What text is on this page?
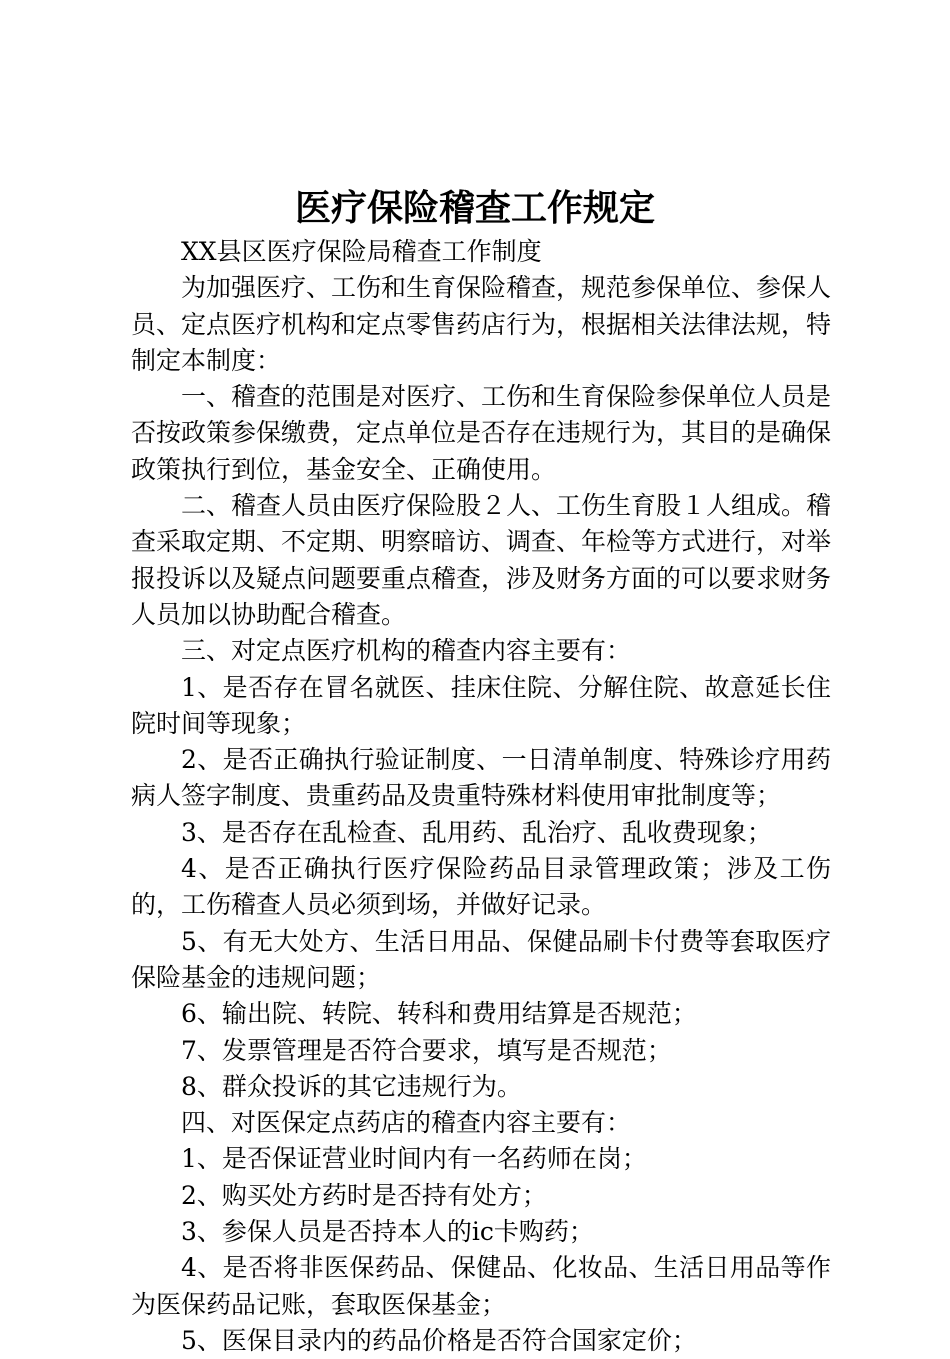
医疗保险稽查工作规定

XX县区医疗保险局稽查工作制度

为加强医疗、工伤和生育保险稽查，规范参保单位、参保人员、定点医疗机构和定点零售药店行为，根据相关法律法规，特制定本制度：

一、稽查的范围是对医疗、工伤和生育保险参保单位人员是否按政策参保缴费，定点单位是否存在违规行为，其目的是确保政策执行到位，基金安全、正确使用。

二、稽查人员由医疗保险股２人、工伤生育股１人组成。稽查采取定期、不定期、明察暗访、调查、年检等方式进行，对举报投诉以及疑点问题要重点稽查，涉及财务方面的可以要求财务人员加以协助配合稽查。

三、对定点医疗机构的稽查内容主要有：

1、是否存在冒名就医、挂床住院、分解住院、故意延长住院时间等现象；

2、是否正确执行验证制度、一日清单制度、特殊诊疗用药病人签字制度、贵重药品及贵重特殊材料使用审批制度等；

3、是否存在乱检查、乱用药、乱治疗、乱收费现象；

4、是否正确执行医疗保险药品目录管理政策；涉及工伤的，工伤稽查人员必须到场，并做好记录。

5、有无大处方、生活日用品、保健品刷卡付费等套取医疗保险基金的违规问题；

6、输出院、转院、转科和费用结算是否规范；

7、发票管理是否符合要求，填写是否规范；

8、群众投诉的其它违规行为。

四、对医保定点药店的稽查内容主要有：

1、是否保证营业时间内有一名药师在岗；

2、购买处方药时是否持有处方；

3、参保人员是否持本人的ic卡购药；

4、是否将非医保药品、保健品、化妆品、生活日用品等作为医保药品记账，套取医保基金；

5、医保目录内的药品价格是否符合国家定价；
